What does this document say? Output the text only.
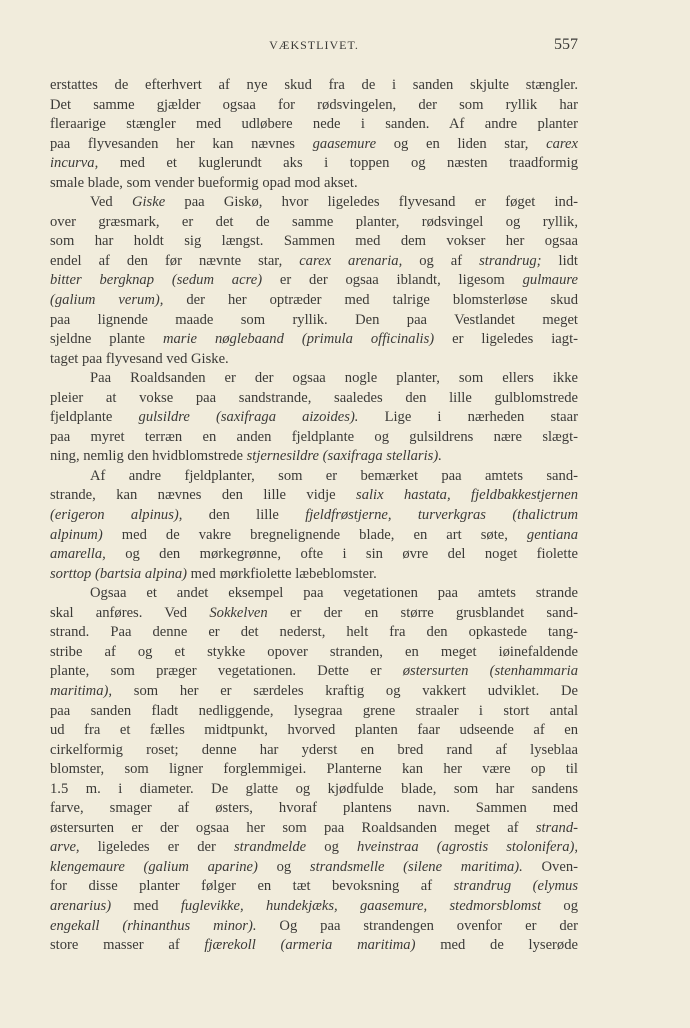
VÆKSTLIVET.	557
erstattes de efterhvert af nye skud fra de i sanden skjulte stængler.
Det samme gjælder ogsaa for rødsvingelen, der som ryllik har
fleraarige stængler med udløbere nede i sanden. Af andre planter
paa flyvesanden her kan nævnes gaasemure og en liden star, carex
incurva, med et kuglerundt aks i toppen og næsten traadformig
smale blade, som vender bueformig opad mod akset.
Ved Giske paa Giskø, hvor ligeledes flyvesand er føget ind-
over græsmark, er det de samme planter, rødsvingel og ryllik,
som har holdt sig længst. Sammen med dem vokser her ogsaa
endel af den før nævnte star, carex arenaria, og af strandrug; lidt
bitter bergknap (sedum acre) er der ogsaa iblandt, ligesom gulmaure
(galium verum), der her optræder med talrige blomsterløse skud
paa lignende maade som ryllik. Den paa Vestlandet meget
sjeldne plante marie nøglebaand (primula officinalis) er ligeledes iagt-
taget paa flyvesand ved Giske.
Paa Roaldsanden er der ogsaa nogle planter, som ellers ikke
pleier at vokse paa sandstrande, saaledes den lille gulblomstrede
fjeldplante gulsildre (saxifraga aizoides). Lige i nærheden staar
paa myret terræn en anden fjeldplante og gulsildrens nære slægt-
ning, nemlig den hvidblomstrede stjernesildre (saxifraga stellaris).
Af andre fjeldplanter, som er bemærket paa amtets sand-
strande, kan nævnes den lille vidje salix hastata, fjeldbakkestjernen
(erigeron alpinus), den lille fjeldfrøstjerne, turverkgras (thalictrum
alpinum) med de vakre bregnelignende blade, en art søte, gentiana
amarella, og den mørkegrønne, ofte i sin øvre del noget fiolette
sorttop (bartsia alpina) med mørkfiolette læbeblomster.
Ogsaa et andet eksempel paa vegetationen paa amtets strande
skal anføres. Ved Sokkelven er der en større grusblandet sand-
strand. Paa denne er det nederst, helt fra den opkastede tang-
stribe af og et stykke opover stranden, en meget iøinefaldende
plante, som præger vegetationen. Dette er østersurten (stenhammaria
maritima), som her er særdeles kraftig og vakkert udviklet. De
paa sanden fladt nedliggende, lysegraa grene straaler i stort antal
ud fra et fælles midtpunkt, hvorved planten faar udseende af en
cirkelformig roset; denne har yderst en bred rand af lyseblaa
blomster, som ligner forglemmigei. Planterne kan her være op til
1.5 m. i diameter. De glatte og kjødfulde blade, som har sandens
farve, smager af østers, hvoraf plantens navn. Sammen med
østersurten er der ogsaa her som paa Roaldsanden meget af strand-
arve, ligeledes er der strandmelde og hveinstraa (agrostis stolonifera),
klengemaure (galium aparine) og strandsmelle (silene maritima). Oven-
for disse planter følger en tæt bevoksning af strandrug (elymus
arenarius) med fuglevikke, hundekjæks, gaasemure, stedmorsblomst og
engekall (rhinanthus minor). Og paa strandengen ovenfor er der
store masser af fjærekoll (armeria maritima) med de lyserøde
